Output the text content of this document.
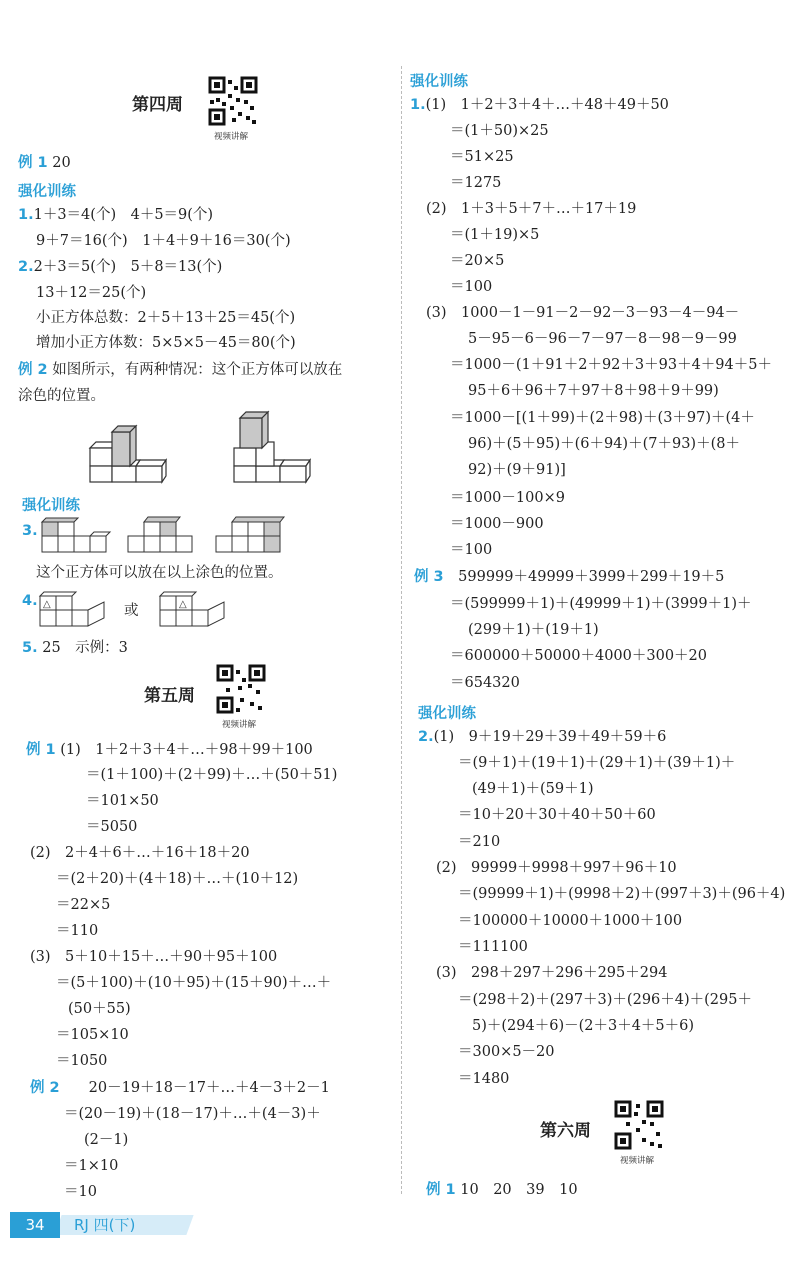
第四周
视频讲解
例 1 20
强化训练
1.1＋3＝4(个)　4＋5＝9(个)
9＋7＝16(个)　1＋4＋9＋16＝30(个)
2.2＋3＝5(个)　5＋8＝13(个)
13＋12＝25(个)
小正方体总数：2＋5＋13＋25＝45(个)
增加小正方体数：5×5×5－45＝80(个)
例 2 如图所示，有两种情况：这个正方体可以放在
涂色的位置。
强化训练
3.
这个正方体可以放在以上涂色的位置。
4. △	或	△
5. 25　示例：3
第五周
视频讲解
例 1 (1)　1＋2＋3＋4＋…＋98＋99＋100
＝(1＋100)＋(2＋99)＋…＋(50＋51)
＝101×50
＝5050
(2)　2＋4＋6＋…＋16＋18＋20
＝(2＋20)＋(4＋18)＋…＋(10＋12)
＝22×5
＝110
(3)　5＋10＋15＋…＋90＋95＋100
＝(5＋100)＋(10＋95)＋(15＋90)＋…＋
(50＋55)
＝105×10
＝1050
例 2　　 20－19＋18－17＋…＋4－3＋2－1
＝(20－19)＋(18－17)＋…＋(4－3)＋
(2－1)
＝1×10
＝10
强化训练
1.(1)　1＋2＋3＋4＋…＋48＋49＋50
＝(1＋50)×25
＝51×25
＝1275
(2)　1＋3＋5＋7＋…＋17＋19
＝(1＋19)×5
＝20×5
＝100
(3)　1000－1－91－2－92－3－93－4－94－
5－95－6－96－7－97－8－98－9－99
＝1000－(1＋91＋2＋92＋3＋93＋4＋94＋5＋
95＋6＋96＋7＋97＋8＋98＋9＋99)
＝1000－[(1＋99)＋(2＋98)＋(3＋97)＋(4＋
96)＋(5＋95)＋(6＋94)＋(7＋93)＋(8＋
92)＋(9＋91)]
＝1000－100×9
＝1000－900
＝100
例 3　 599999＋49999＋3999＋299＋19＋5
＝(599999＋1)＋(49999＋1)＋(3999＋1)＋
(299＋1)＋(19＋1)
＝600000＋50000＋4000＋300＋20
＝654320
强化训练
2.(1)　9＋19＋29＋39＋49＋59＋6
＝(9＋1)＋(19＋1)＋(29＋1)＋(39＋1)＋
(49＋1)＋(59＋1)
＝10＋20＋30＋40＋50＋60
＝210
(2)　99999＋9998＋997＋96＋10
＝(99999＋1)＋(9998＋2)＋(997＋3)＋(96＋4)
＝100000＋10000＋1000＋100
＝111100
(3)　298＋297＋296＋295＋294
＝(298＋2)＋(297＋3)＋(296＋4)＋(295＋
5)＋(294＋6)－(2＋3＋4＋5＋6)
＝300×5－20
＝1480
第六周
视频讲解
例 1 10　20　39　10
34	RJ 四(下)
